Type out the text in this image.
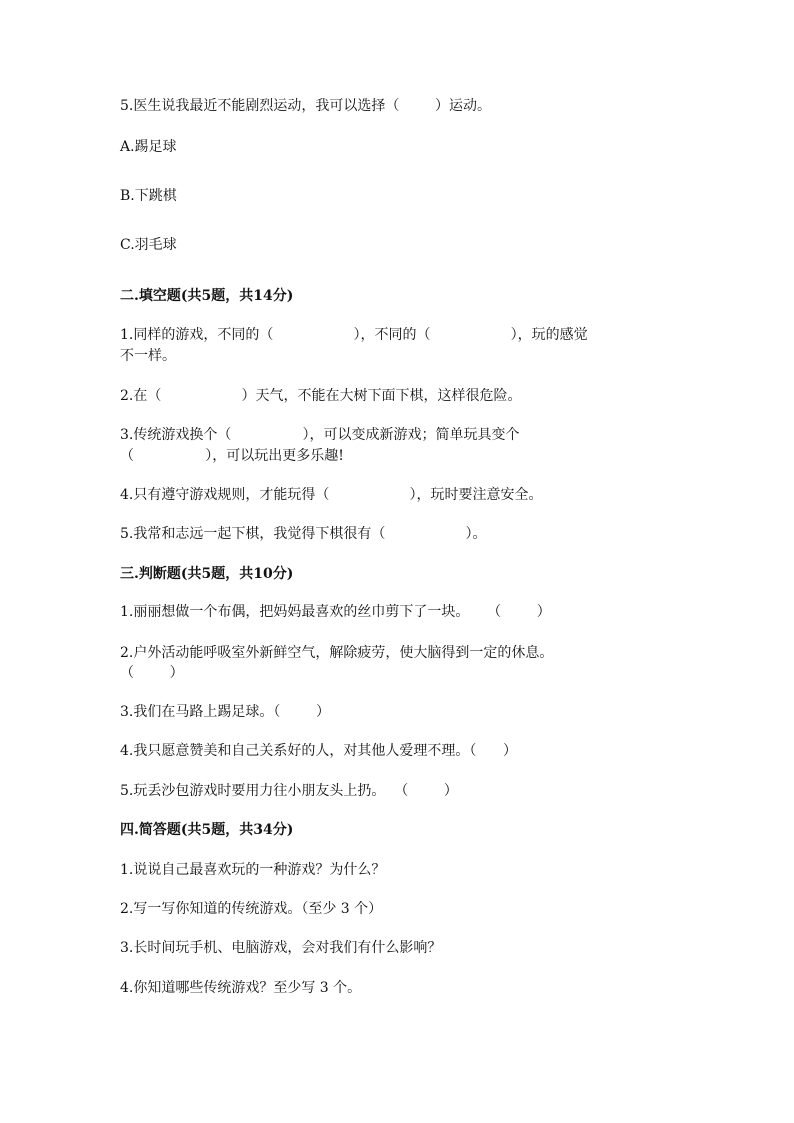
5.医生说我最近不能剧烈运动，我可以选择（        ）运动。
A.踢足球
B.下跳棋
C.羽毛球
二.填空题(共5题，共14分)
1.同样的游戏，不同的（                  ），不同的（                  ），玩的感觉
不一样。
2.在（                  ）天气，不能在大树下面下棋，这样很危险。
3.传统游戏换个（                ），可以变成新游戏；简单玩具变个
（                ），可以玩出更多乐趣!
4.只有遵守游戏规则，才能玩得（                  ），玩时要注意安全。
5.我常和志远一起下棋，我觉得下棋很有（                  ）。
三.判断题(共5题，共10分)
1.丽丽想做一个布偶，把妈妈最喜欢的丝巾剪下了一块。    （        ）
2.户外活动能呼吸室外新鲜空气，解除疲劳，使大脑得到一定的休息。
（        ）
3.我们在马路上踢足球。（        ）
4.我只愿意赞美和自己关系好的人，对其他人爱理不理。（      ）
5.玩丢沙包游戏时要用力往小朋友头上扔。  （        ）
四.简答题(共5题，共34分)
1.说说自己最喜欢玩的一种游戏？为什么？
2.写一写你知道的传统游戏。（至少 3 个）
3.长时间玩手机、电脑游戏，会对我们有什么影响？
4.你知道哪些传统游戏？至少写 3 个。
